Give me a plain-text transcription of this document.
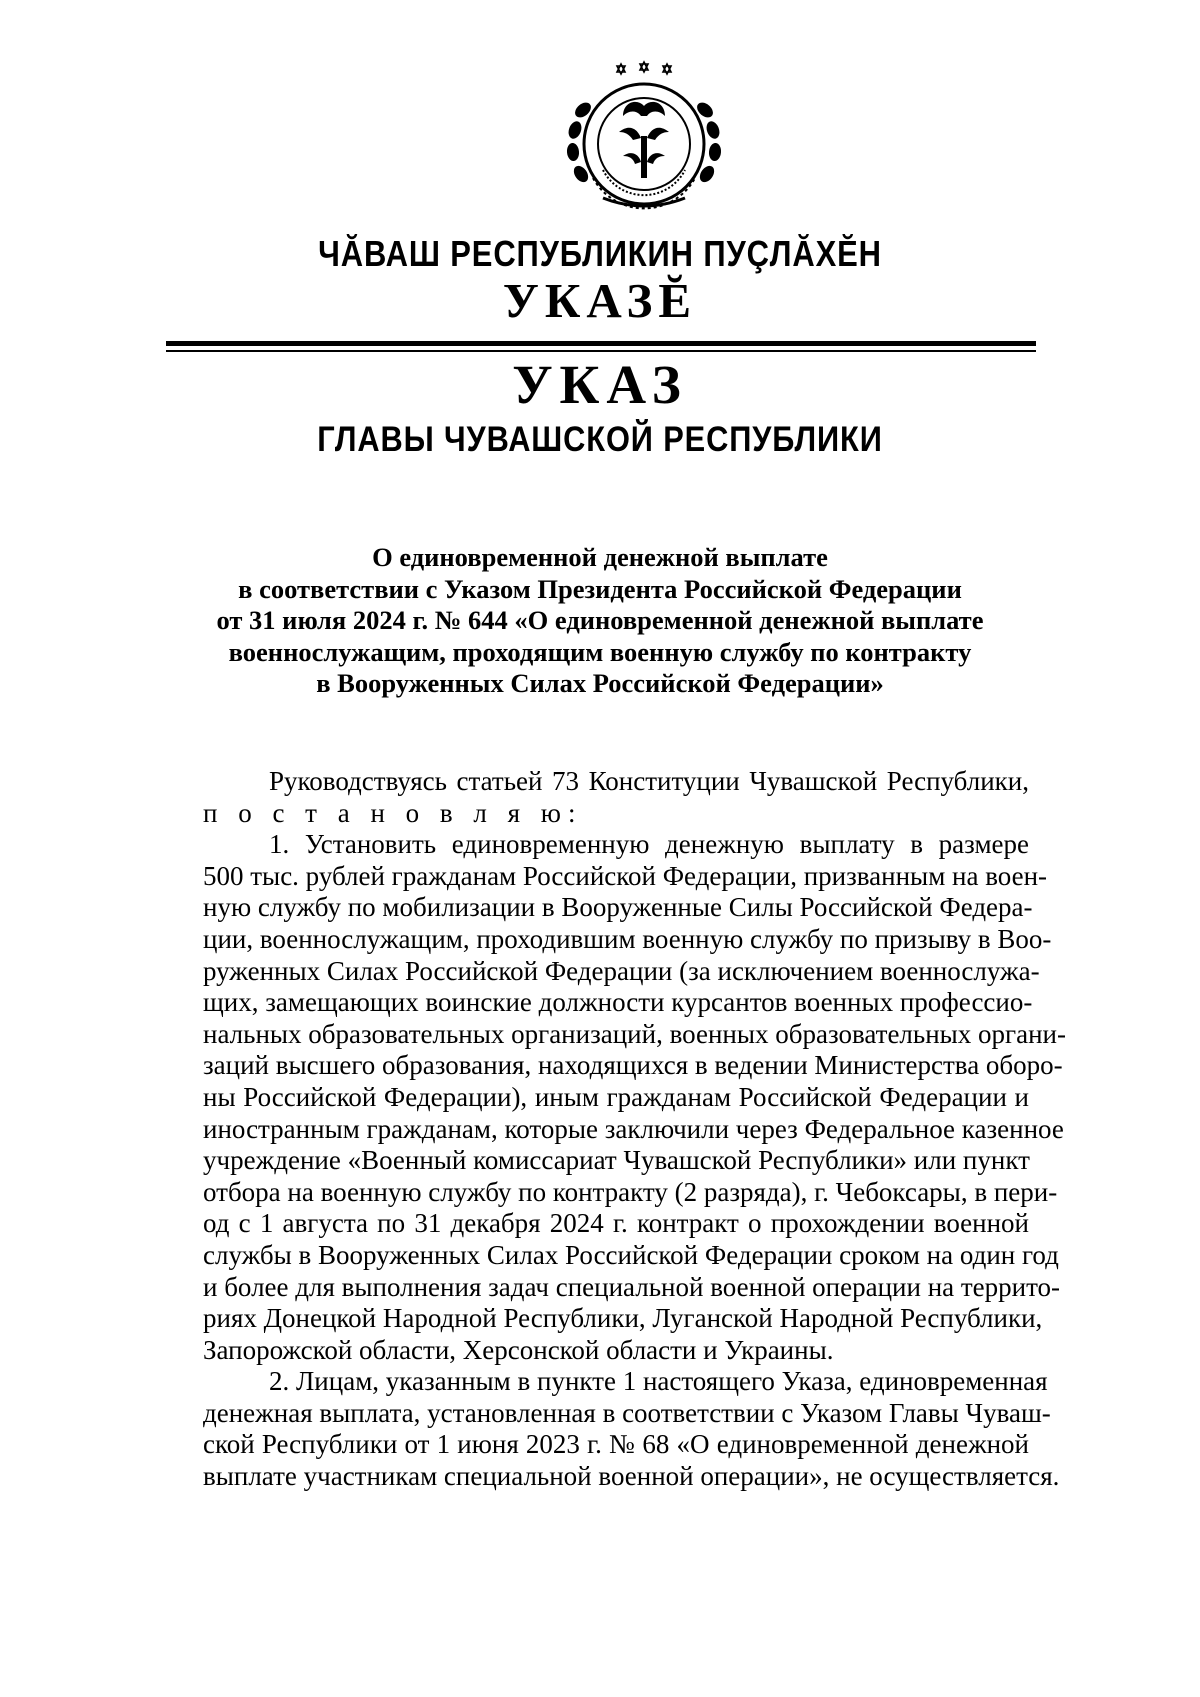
ЧĂВАШ РЕСПУБЛИКИН ПУÇЛĂХĔН
УКАЗĔ
УКАЗ
ГЛАВЫ ЧУВАШСКОЙ РЕСПУБЛИКИ
О единовременной денежной выплате
в соответствии с Указом Президента Российской Федерации
от 31 июля 2024 г. № 644 «О единовременной денежной выплате
военнослужащим, проходящим военную службу по контракту
в Вооруженных Силах Российской Федерации»
Руководствуясь статьей 73 Конституции Чувашской Республики,
п о с т а н о в л я ю:
1. Установить единовременную денежную выплату в размере
500 тыс. рублей гражданам Российской Федерации, призванным на воен-
ную службу по мобилизации в Вооруженные Силы Российской Федера-
ции, военнослужащим, проходившим военную службу по призыву в Воо-
руженных Силах Российской Федерации (за исключением военнослужа-
щих, замещающих воинские должности курсантов военных профессио-
нальных образовательных организаций, военных образовательных органи-
заций высшего образования, находящихся в ведении Министерства оборо-
ны Российской Федерации), иным гражданам Российской Федерации и
иностранным гражданам, которые заключили через Федеральное казенное
учреждение «Военный комиссариат Чувашской Республики» или пункт
отбора на военную службу по контракту (2 разряда), г. Чебоксары, в пери-
од с 1 августа по 31 декабря 2024 г. контракт о прохождении военной
службы в Вооруженных Силах Российской Федерации сроком на один год
и более для выполнения задач специальной военной операции на террито-
риях Донецкой Народной Республики, Луганской Народной Республики,
Запорожской области, Херсонской области и Украины.
2. Лицам, указанным в пункте 1 настоящего Указа, единовременная
денежная выплата, установленная в соответствии с Указом Главы Чуваш-
ской Республики от 1 июня 2023 г. № 68 «О единовременной денежной
выплате участникам специальной военной операции», не осуществляется.
